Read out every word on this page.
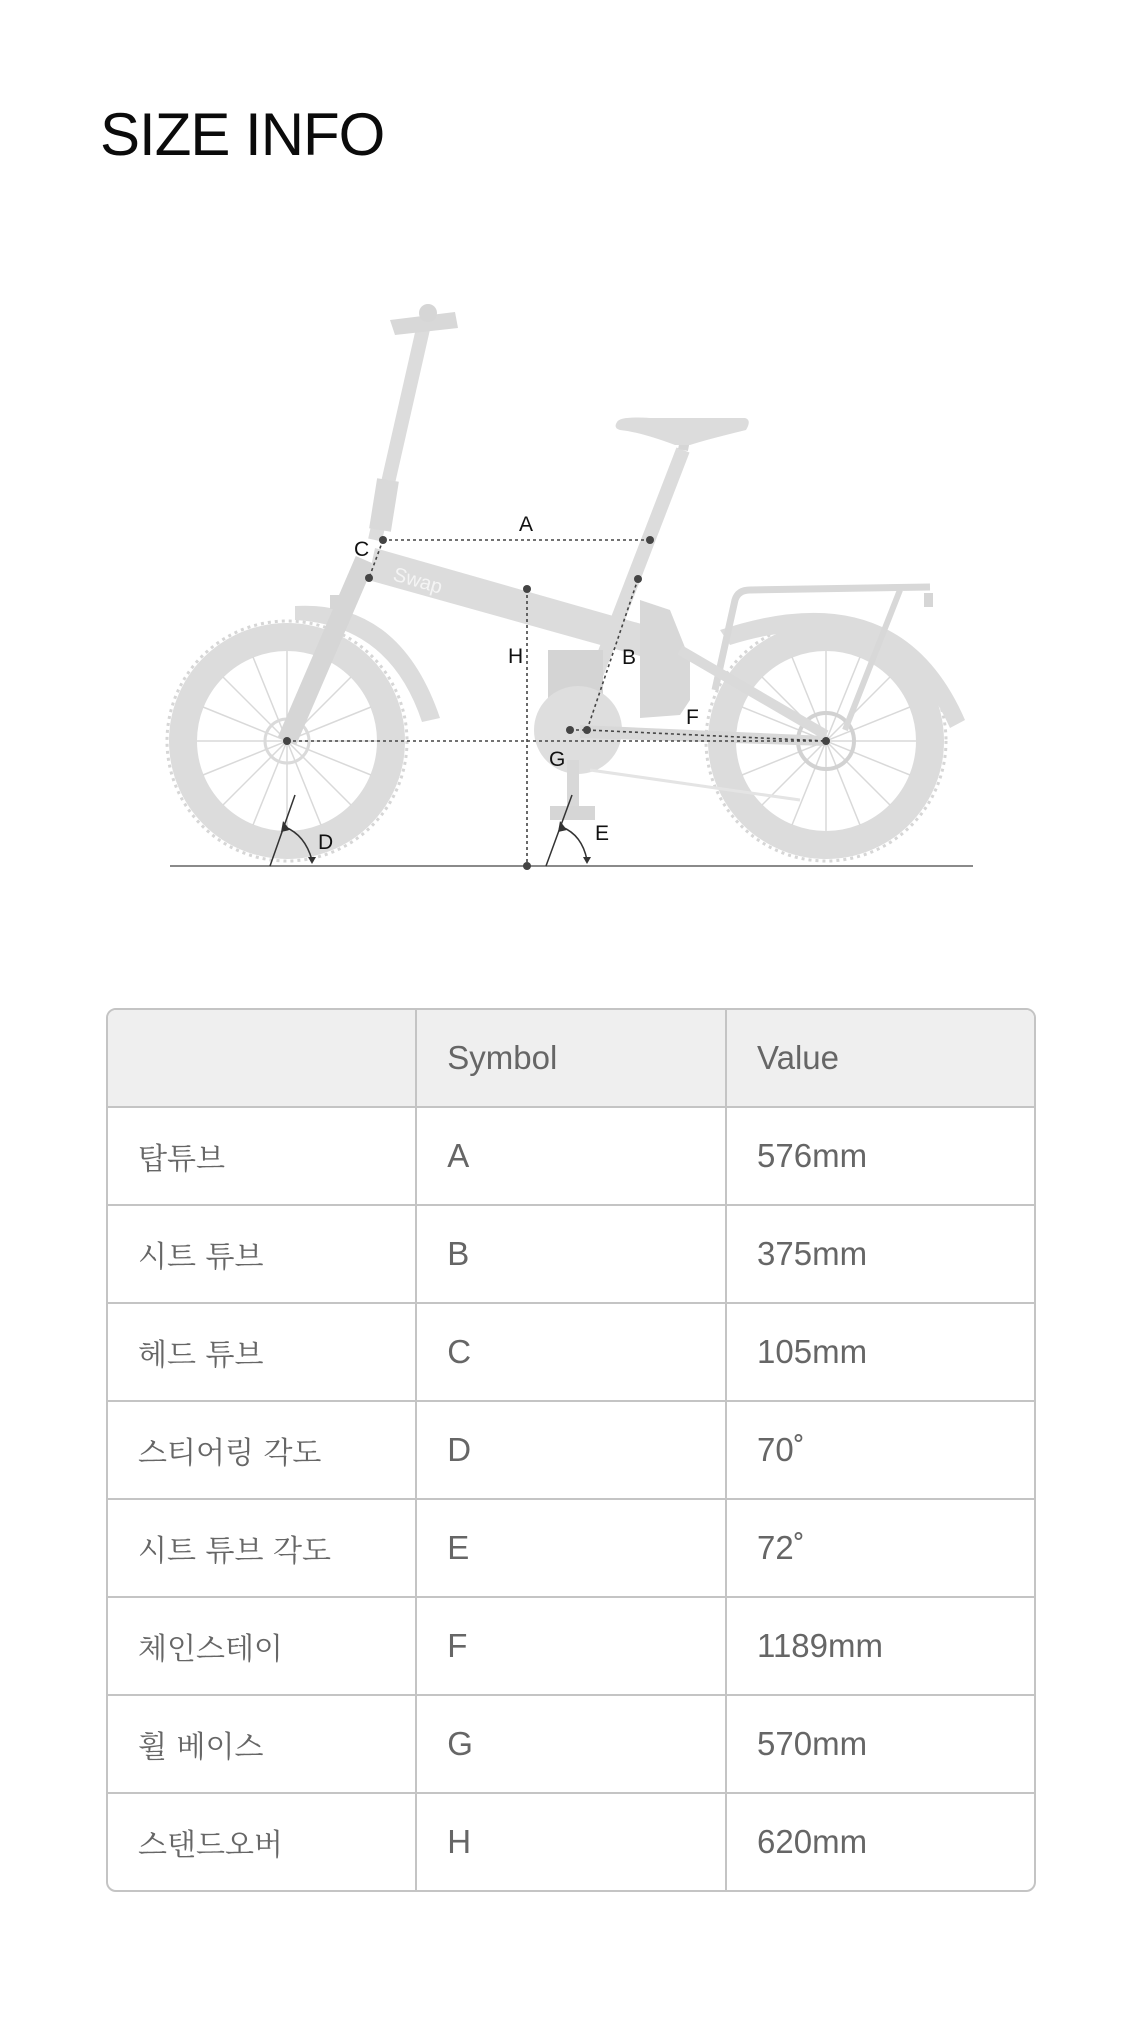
SIZE INFO
Swap
A
C
H	B
F
G
D	E
	Symbol	Value
탑튜브	A	576mm
시트 튜브	B	375mm
헤드 튜브	C	105mm
스티어링 각도	D	70˚
시트 튜브 각도	E	72˚
체인스테이	F	1189mm
휠 베이스	G	570mm
스탠드오버	H	620mm
